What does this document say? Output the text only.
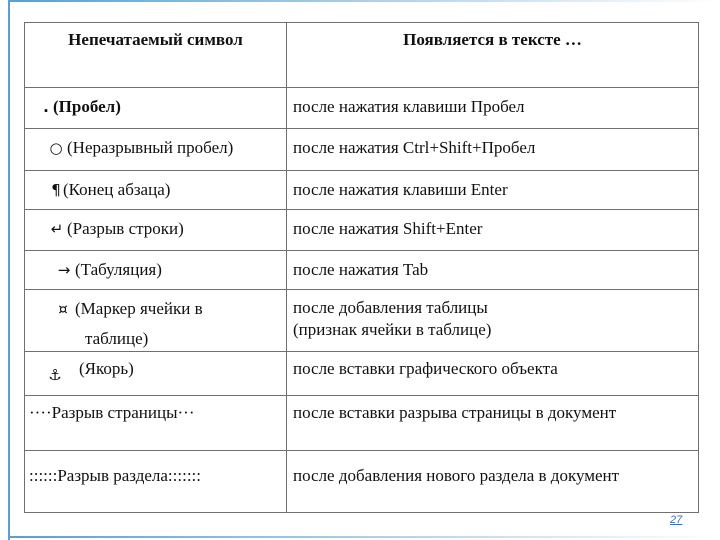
Непечатаемый символ	Появляется в тексте …

. (Пробел)	после нажатия клавиши Пробел

○ (Неразрывный пробел)	после нажатия Ctrl+Shift+Пробел

¶ (Конец абзаца)	после нажатия клавиши Enter

↵ (Разрыв строки)	после нажатия Shift+Enter

→ (Табуляция)	после нажатия Tab

¤ (Маркер ячейки в
таблице)	после добавления таблицы
(признак ячейки в таблице)

⚓ (Якорь)	после вставки графического объекта

····Разрыв страницы···	после вставки разрыва страницы в документ

::::::Разрыв раздела:::::::	после добавления нового раздела в документ
27
